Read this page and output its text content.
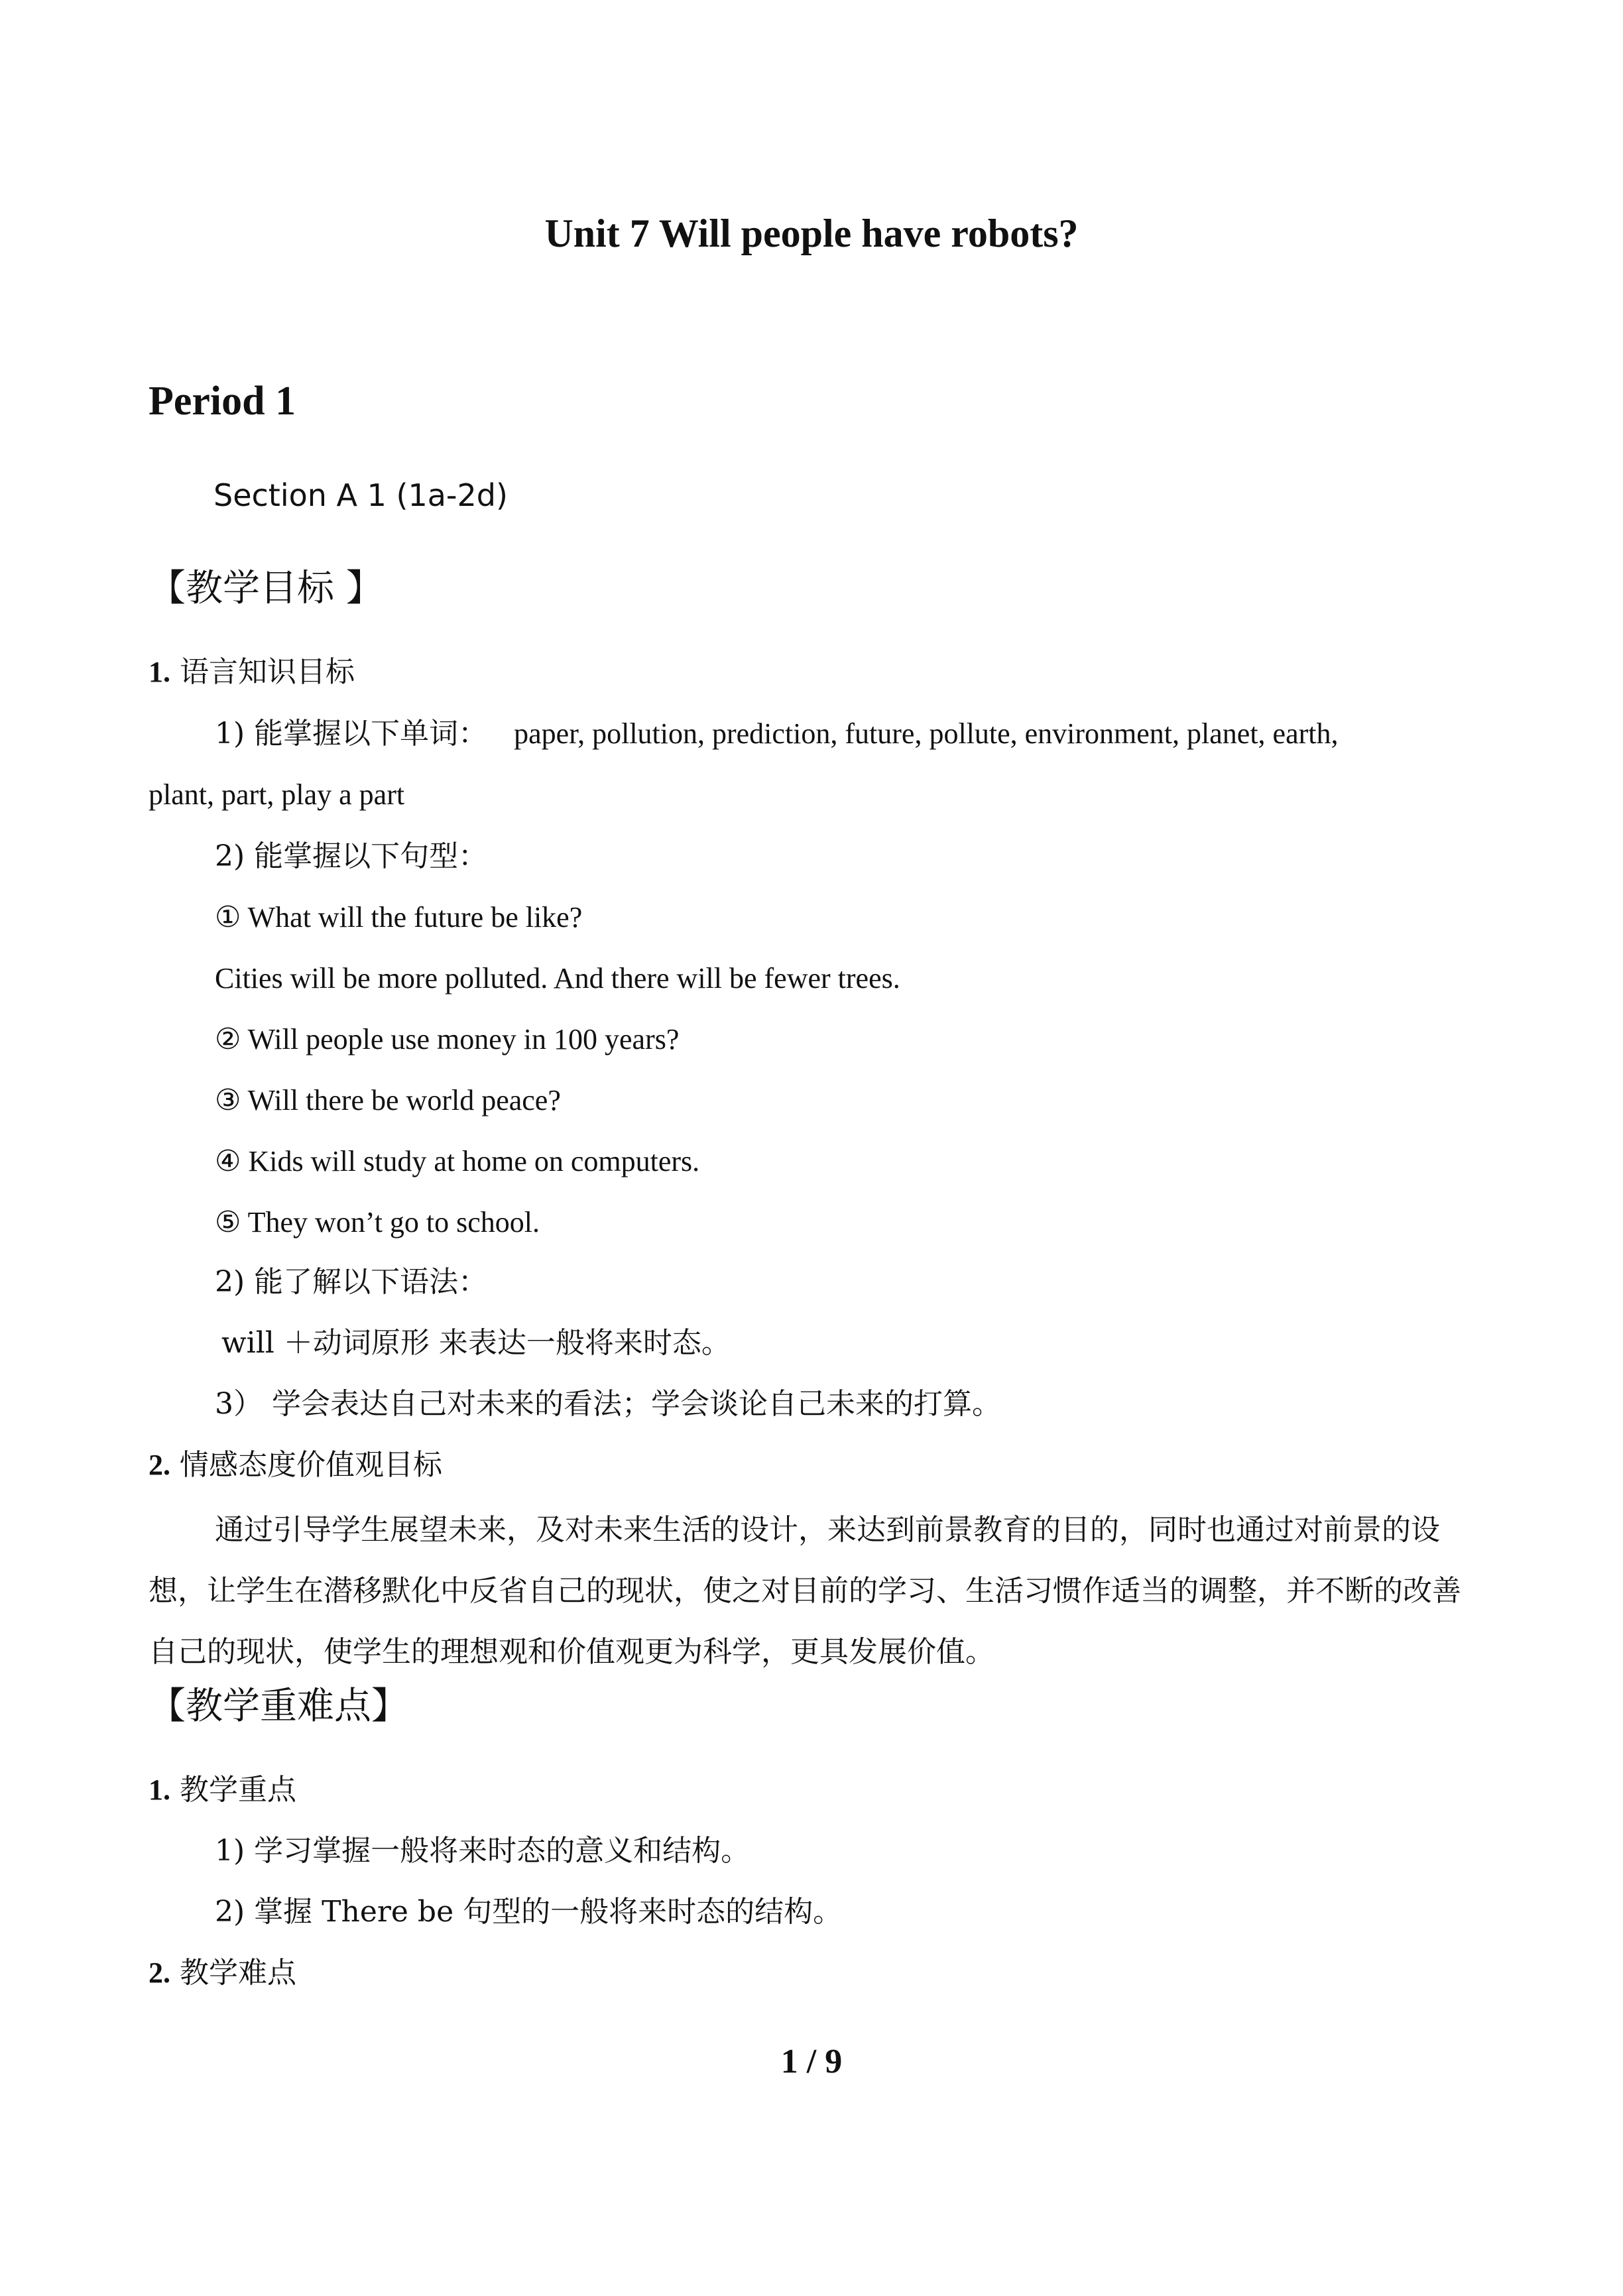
Unit 7 Will people have robots?
Period 1
Section A 1 (1a-2d)
【教学目标 】
1. 语言知识目标
1) 能掌握以下单词： paper, pollution, prediction, future, pollute, environment, planet, earth,
plant, part, play a part
2) 能掌握以下句型：
① What will the future be like?
Cities will be more polluted. And there will be fewer trees.
② Will people use money in 100 years?
③ Will there be world peace?
④ Kids will study at home on computers.
⑤ They won’t go to school.
2) 能了解以下语法：
will ＋动词原形 来表达一般将来时态。
3） 学会表达自己对未来的看法；学会谈论自己未来的打算。
2. 情感态度价值观目标
通过引导学生展望未来，及对未来生活的设计，来达到前景教育的目的，同时也通过对前景的设想，让学生在潜移默化中反省自己的现状，使之对目前的学习、生活习惯作适当的调整，并不断的改善自己的现状，使学生的理想观和价值观更为科学，更具发展价值。
【教学重难点】
1. 教学重点
1) 学习掌握一般将来时态的意义和结构。
2) 掌握 There be 句型的一般将来时态的结构。
2. 教学难点
1 / 9
